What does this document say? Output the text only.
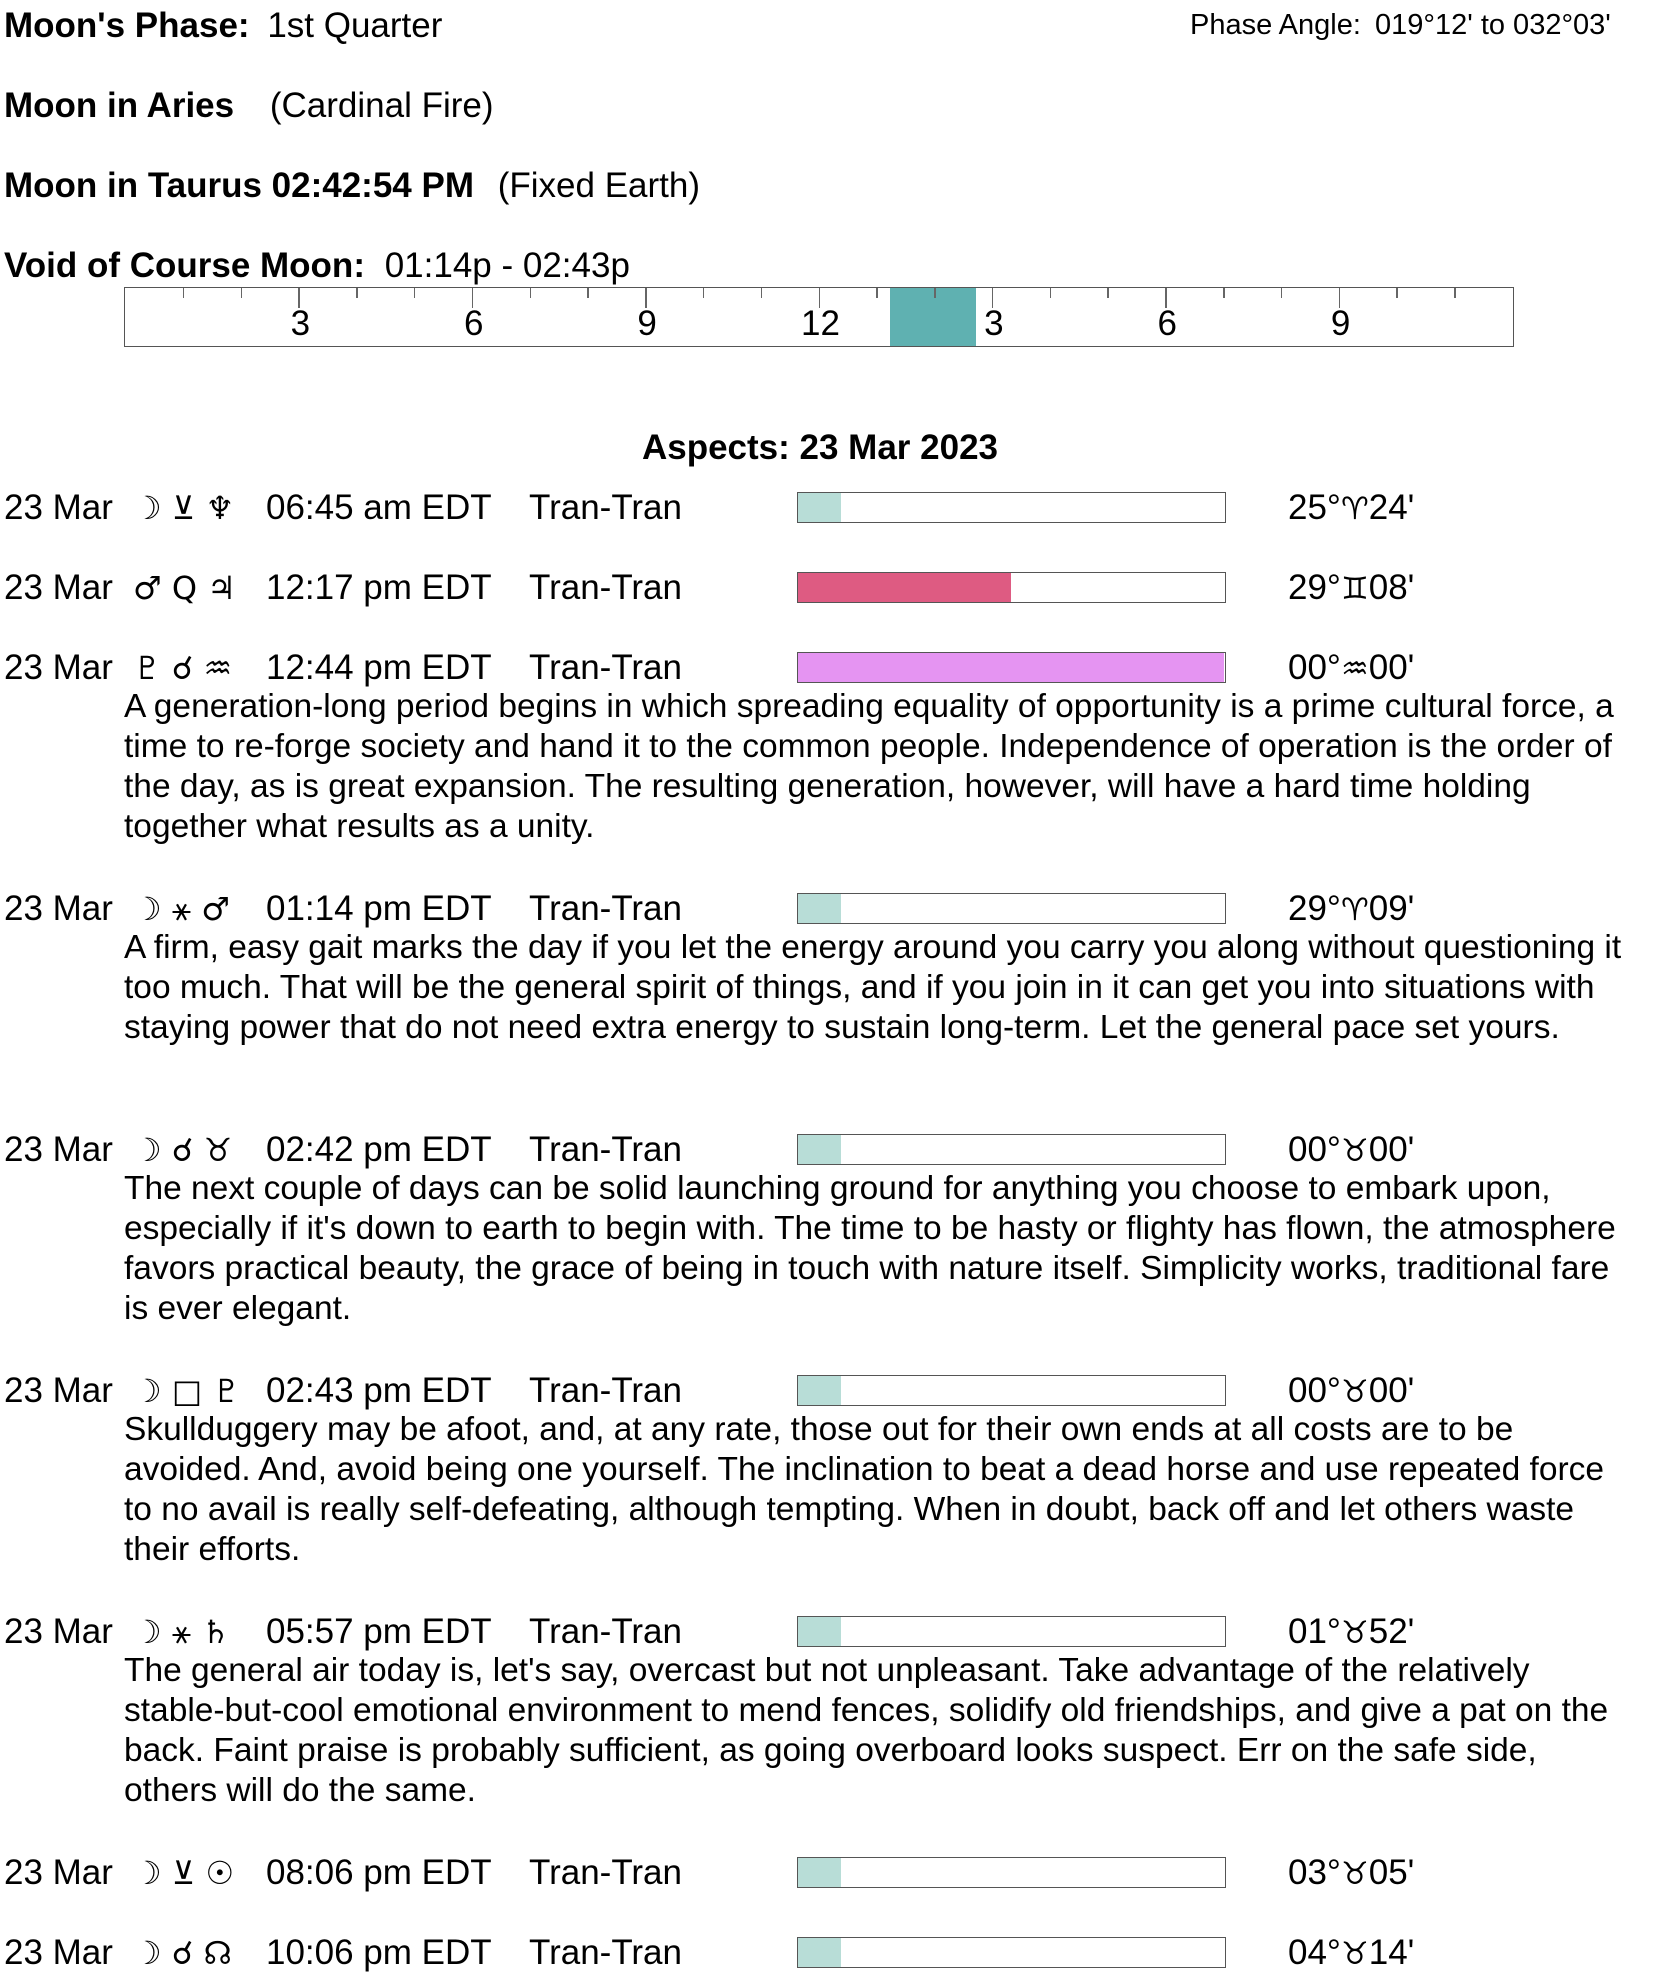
Moon's Phase: 1st Quarter	Phase Angle: 019°12' to 032°03'
Moon in Aries (Cardinal Fire)
Moon in Taurus 02:42:54 PM (Fixed Earth)
Void of Course Moon: 01:14p - 02:43p
3	6	9	12	3	6	9
Aspects: 23 Mar 2023
23 Mar ☽ ⊻ ♆ 06:45 am EDT Tran-Tran	25°♈24'
23 Mar ♂ Q ♃ 12:17 pm EDT Tran-Tran	29°♊08'
23 Mar ♇ ☌ ♒ 12:44 pm EDT Tran-Tran	00°♒00'
A generation-long period begins in which spreading equality of opportunity is a prime cultural force, a time to re-forge society and hand it to the common people. Independence of operation is the order of the day, as is great expansion. The resulting generation, however, will have a hard time holding together what results as a unity.
23 Mar ☽ ⚹ ♂ 01:14 pm EDT Tran-Tran	29°♈09'
A firm, easy gait marks the day if you let the energy around you carry you along without questioning it too much. That will be the general spirit of things, and if you join in it can get you into situations with staying power that do not need extra energy to sustain long-term. Let the general pace set yours.
23 Mar ☽ ☌ ♉ 02:42 pm EDT Tran-Tran	00°♉00'
The next couple of days can be solid launching ground for anything you choose to embark upon, especially if it's down to earth to begin with. The time to be hasty or flighty has flown, the atmosphere favors practical beauty, the grace of being in touch with nature itself. Simplicity works, traditional fare is ever elegant.
23 Mar ☽ □ ♇ 02:43 pm EDT Tran-Tran	00°♉00'
Skullduggery may be afoot, and, at any rate, those out for their own ends at all costs are to be avoided. And, avoid being one yourself. The inclination to beat a dead horse and use repeated force to no avail is really self-defeating, although tempting. When in doubt, back off and let others waste their efforts.
23 Mar ☽ ⚹ ♄ 05:57 pm EDT Tran-Tran	01°♉52'
The general air today is, let's say, overcast but not unpleasant. Take advantage of the relatively stable-but-cool emotional environment to mend fences, solidify old friendships, and give a pat on the back. Faint praise is probably sufficient, as going overboard looks suspect. Err on the safe side, others will do the same.
23 Mar ☽ ⊻ ☉ 08:06 pm EDT Tran-Tran	03°♉05'
23 Mar ☽ ☌ ☊ 10:06 pm EDT Tran-Tran	04°♉14'
